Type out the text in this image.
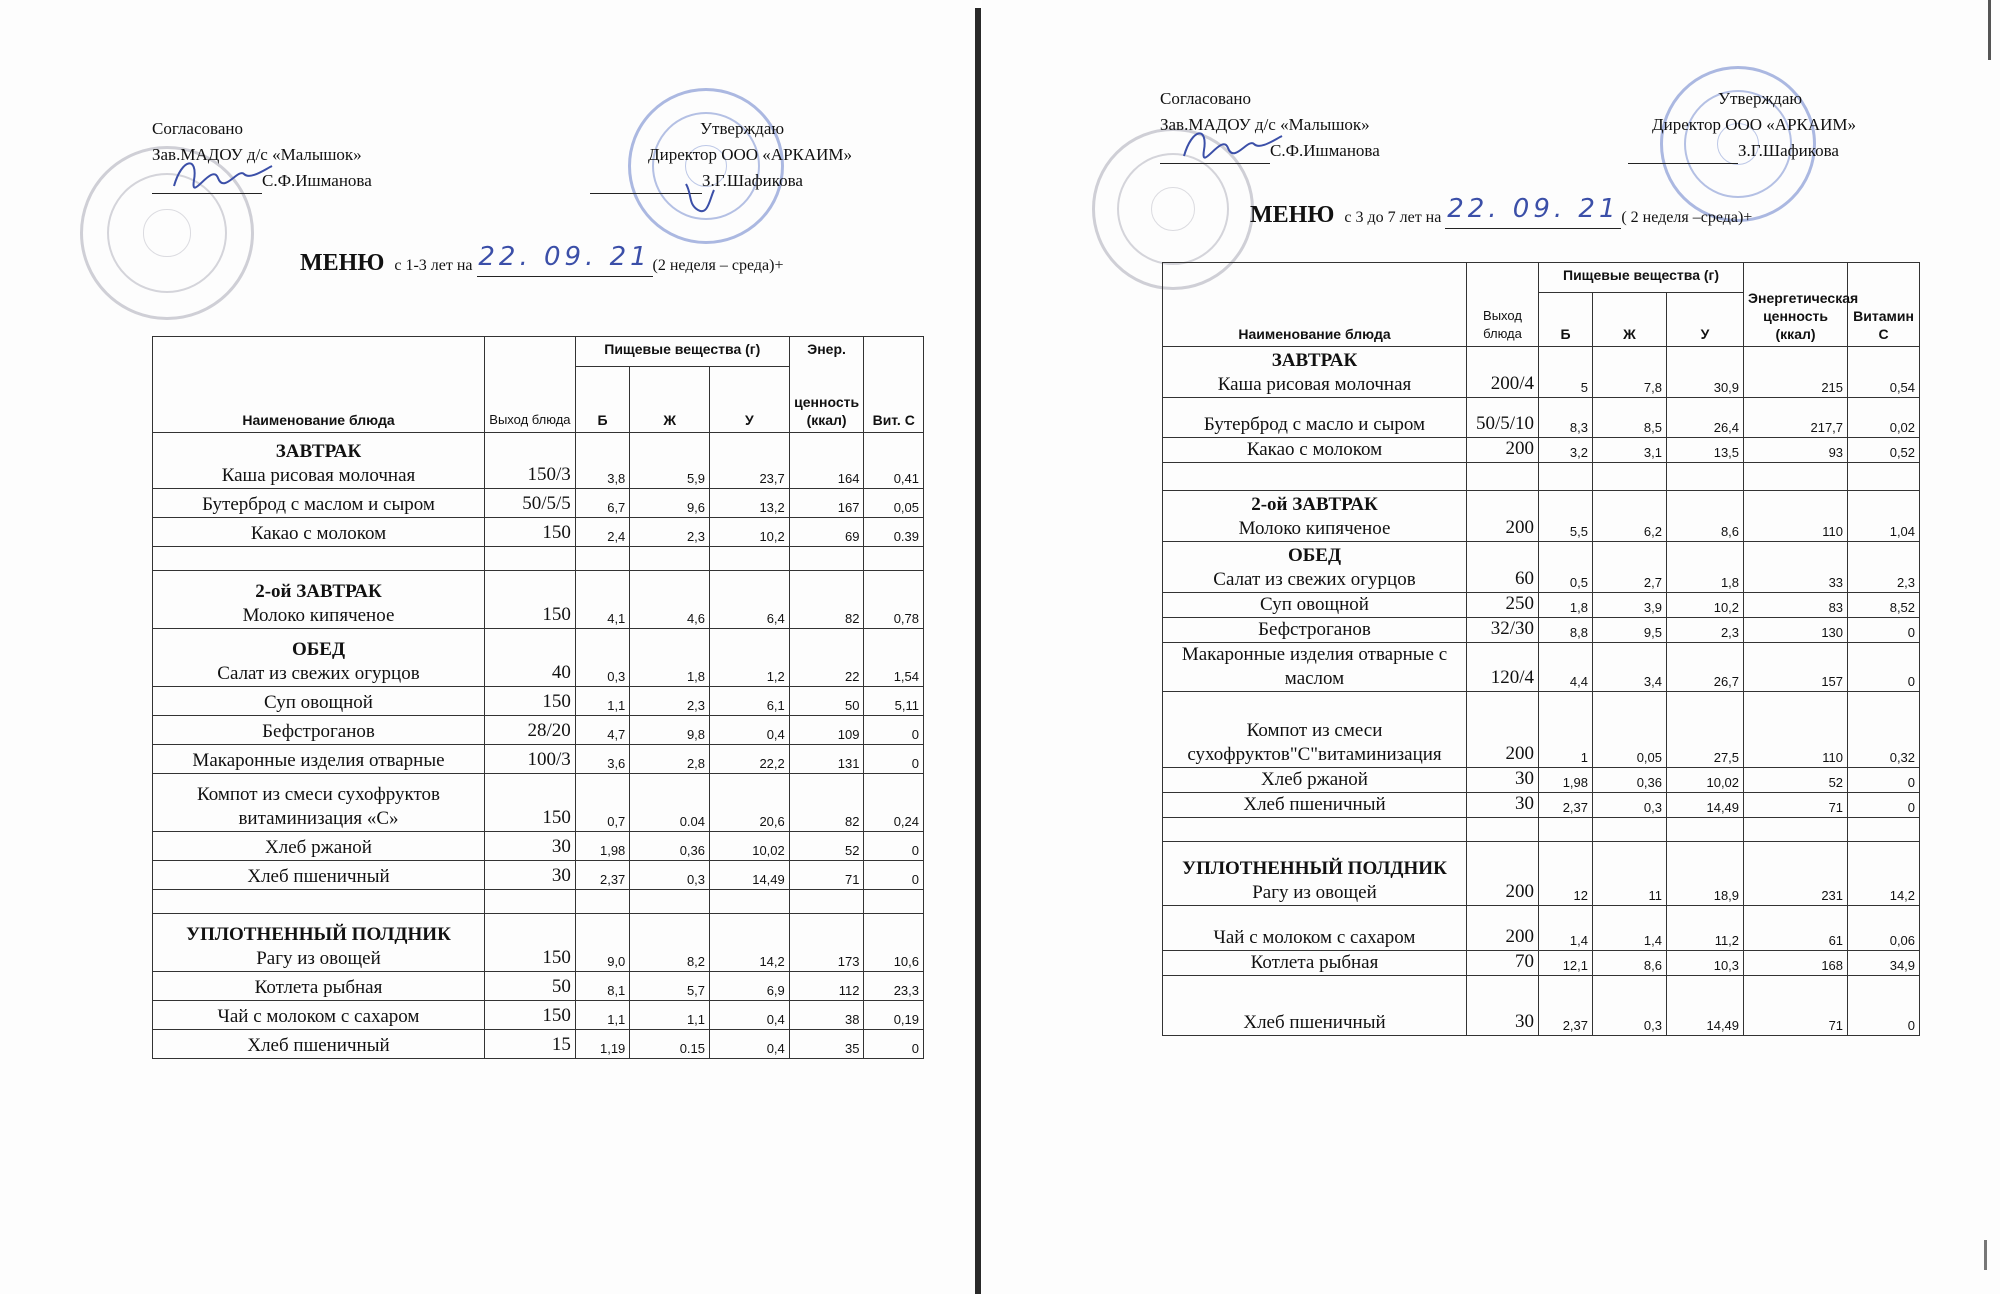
Согласовано
Зав.МАДОУ д/с «Малышок»
С.Ф.Ишманова
Утверждаю
Директор ООО «АРКАИМ»
З.Г.Шафикова
МЕНЮ с 1-3 лет на 22. 09. 21 (2 неделя – среда)+
Наименование блюда	Выход блюда	Пищевые вещества (г)			Энер.	Вит. С
		Б	Ж	У	ценность (ккал)	

ЗАВТРАК
Каша рисовая молочная	150/3	3,8	5,9	23,7	164	0,41
Бутерброд с маслом и сыром	50/5/5	6,7	9,6	13,2	167	0,05
Какао с молоком	150	2,4	2,3	10,2	69	0.39

2-ой ЗАВТРАК
Молоко кипяченое	150	4,1	4,6	6,4	82	0,78

ОБЕД
Салат из свежих огурцов	40	0,3	1,8	1,2	22	1,54
Суп овощной	150	1,1	2,3	6,1	50	5,11
Бефстроганов	28/20	4,7	9,8	0,4	109	0
Макаронные изделия отварные	100/3	3,6	2,8	22,2	131	0
Компот из смеси сухофруктов витаминизация «С»	150	0,7	0.04	20,6	82	0,24
Хлеб ржаной	30	1,98	0,36	10,02	52	0
Хлеб пшеничный	30	2,37	0,3	14,49	71	0

УПЛОТНЕННЫЙ ПОЛДНИК
Рагу из овощей	150	9,0	8,2	14,2	173	10,6
Котлета рыбная	50	8,1	5,7	6,9	112	23,3
Чай с молоком с сахаром	150	1,1	1,1	0,4	38	0,19
Хлеб пшеничный	15	1,19	0.15	0,4	35	0
Согласовано
Зав.МАДОУ д/с «Малышок»
С.Ф.Ишманова
Утверждаю
Директор ООО «АРКАИМ»
З.Г.Шафикова
МЕНЮ с 3 до 7 лет на 22. 09. 21 ( 2 неделя –среда)+
Наименование блюда	Выход блюда	Пищевые вещества (г)			Энергетическая ценность (ккал)	Витамин С
		Б	Ж	У		

ЗАВТРАК
Каша рисовая молочная	200/4	5	7,8	30,9	215	0,54
Бутерброд с масло и сыром	50/5/10	8,3	8,5	26,4	217,7	0,02
Какао с молоком	200	3,2	3,1	13,5	93	0,52

2-ой ЗАВТРАК
Молоко кипяченое	200	5,5	6,2	8,6	110	1,04

ОБЕД
Салат из свежих огурцов	60	0,5	2,7	1,8	33	2,3
Суп овощной	250	1,8	3,9	10,2	83	8,52
Бефстроганов	32/30	8,8	9,5	2,3	130	0
Макаронные изделия отварные с маслом	120/4	4,4	3,4	26,7	157	0
Компот из смеси сухофруктов"С"витаминизация	200	1	0,05	27,5	110	0,32
Хлеб ржаной	30	1,98	0,36	10,02	52	0
Хлеб пшеничный	30	2,37	0,3	14,49	71	0

УПЛОТНЕННЫЙ ПОЛДНИК
Рагу из овощей	200	12	11	18,9	231	14,2
Чай с молоком с сахаром	200	1,4	1,4	11,2	61	0,06
Котлета рыбная	70	12,1	8,6	10,3	168	34,9
Хлеб пшеничный	30	2,37	0,3	14,49	71	0
